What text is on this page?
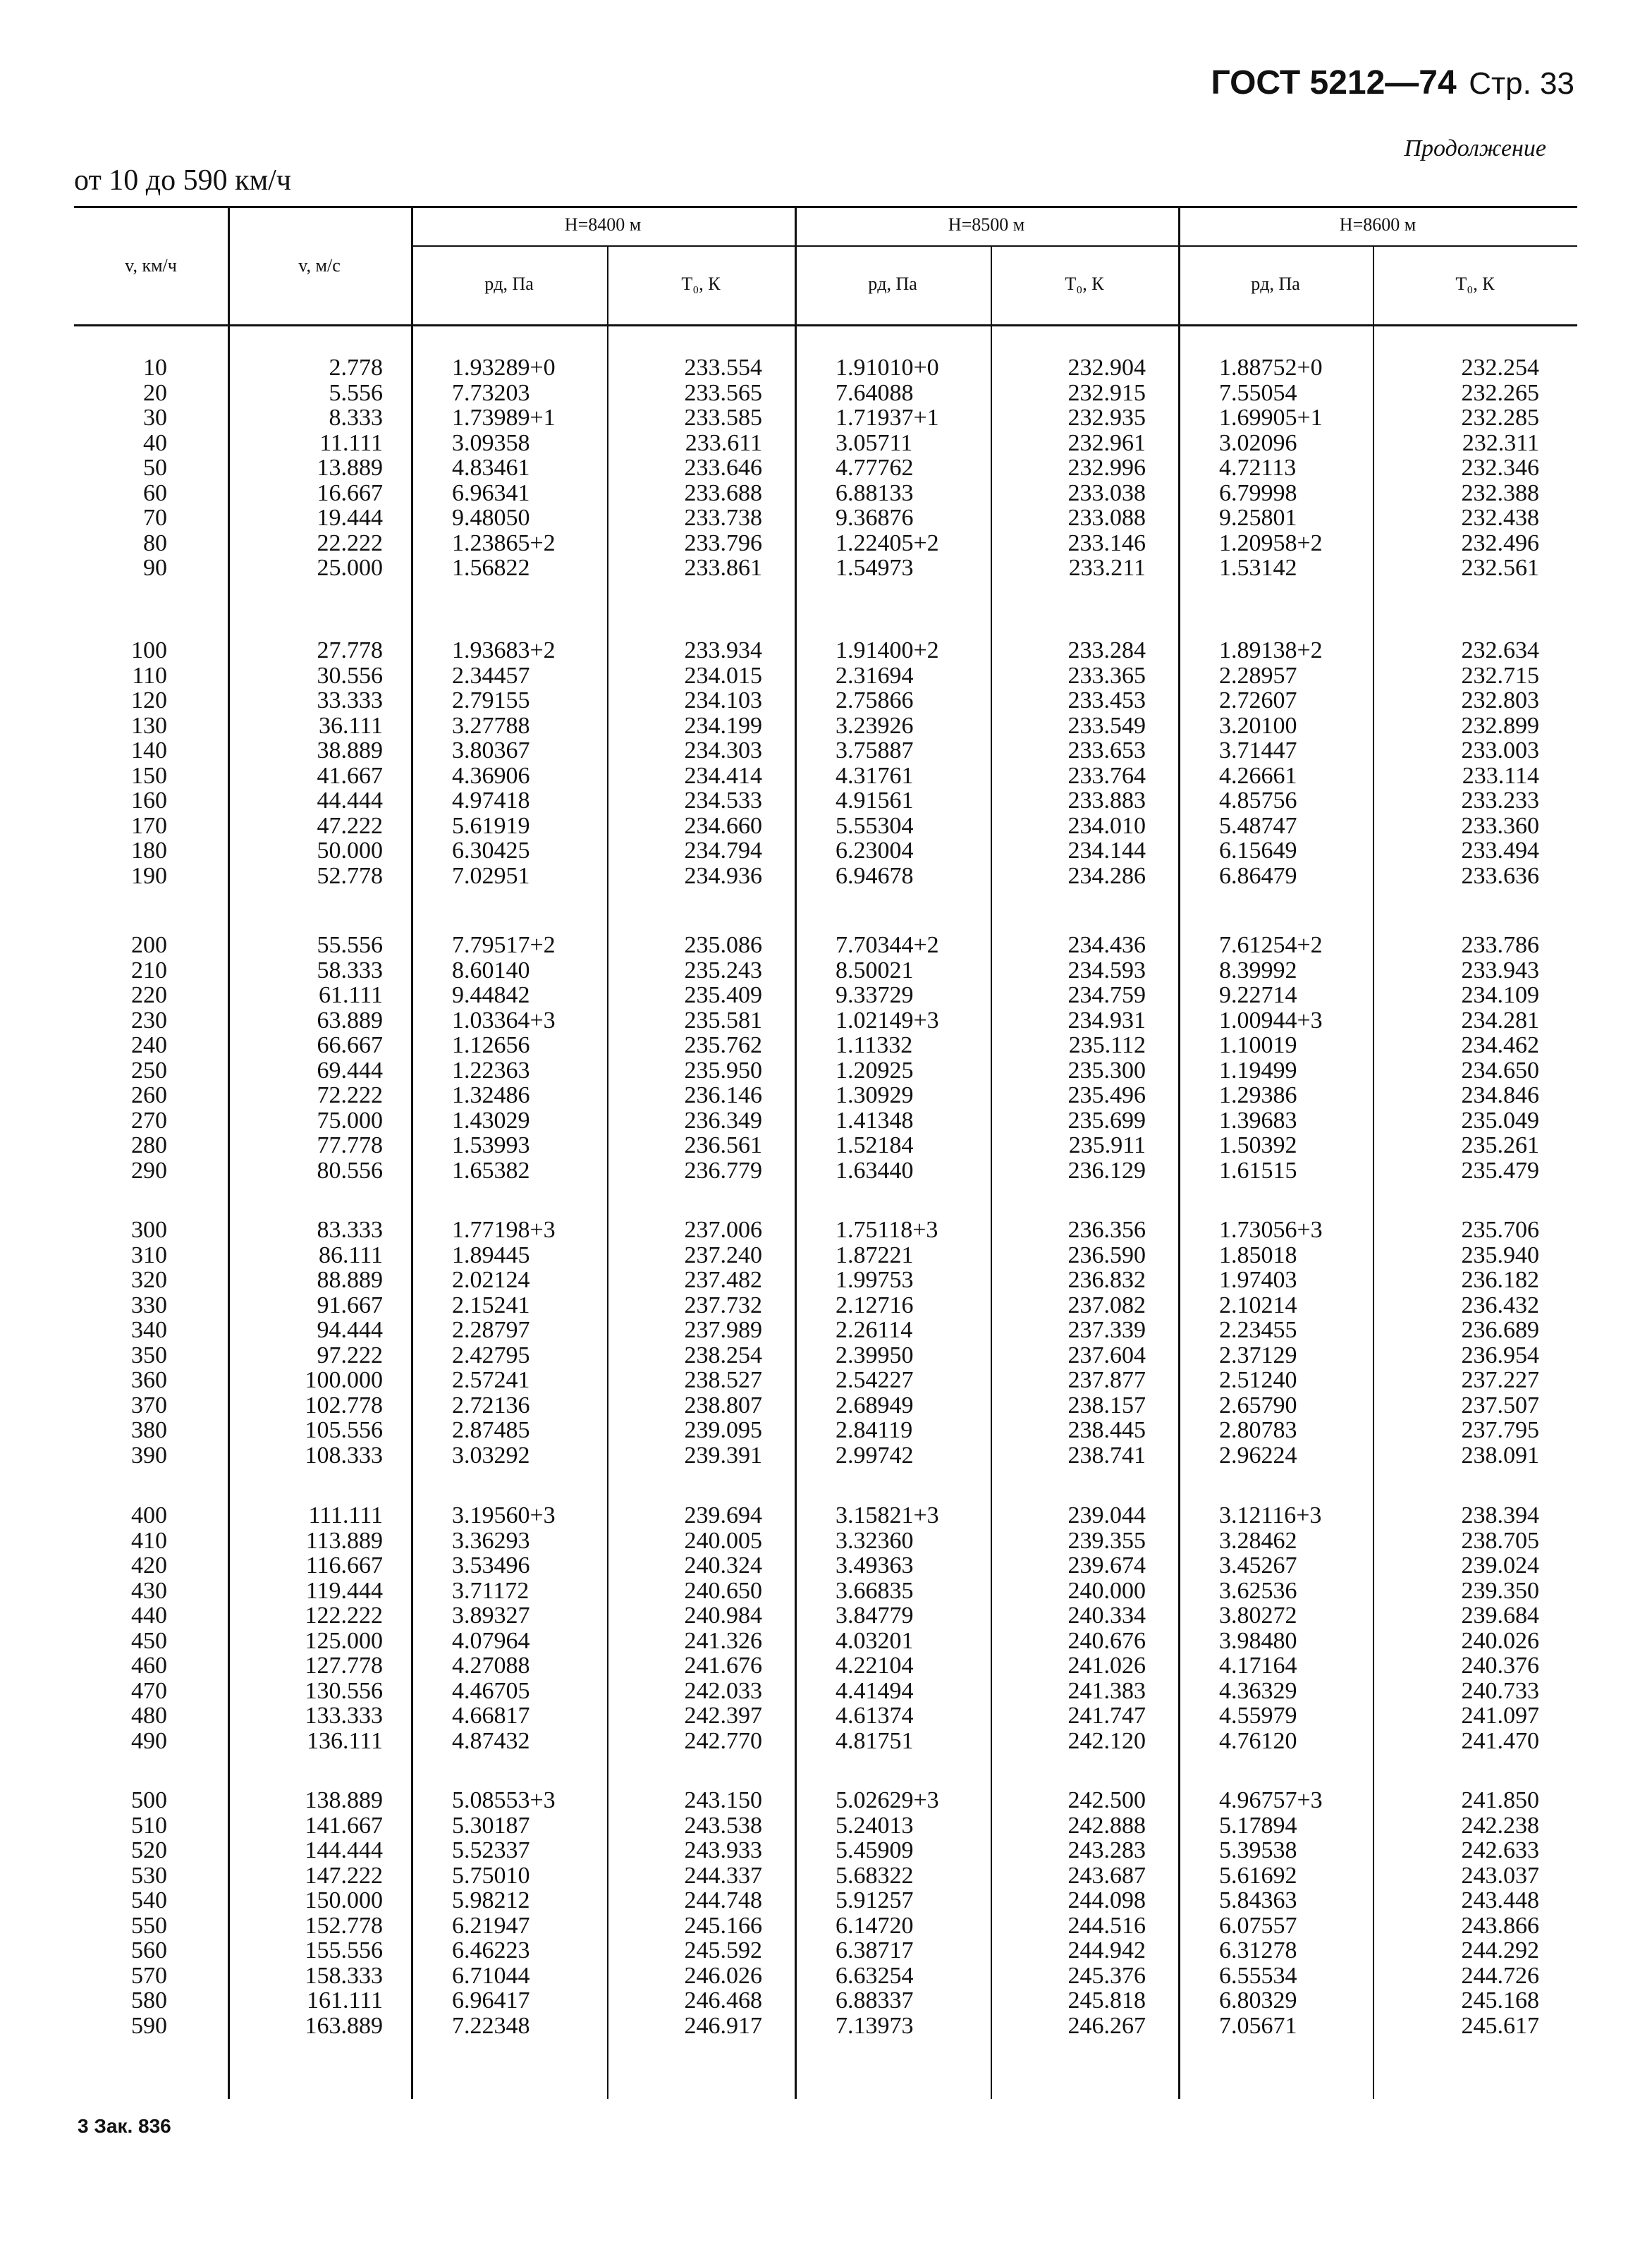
ГОСТ 5212—74 Стр. 33
Продолжение
от 10 до 590 км/ч
H=8400 м	H=8500 м	H=8600 м
v, км/ч	v, м/с
pд, Па	T₀, К	pд, Па	T₀, К	pд, Па	T₀, К
10	2.778	1.93289+0	233.554	1.91010+0	232.904	1.88752+0	232.254
20	5.556	7.73203	233.565	7.64088	232.915	7.55054	232.265
30	8.333	1.73989+1	233.585	1.71937+1	232.935	1.69905+1	232.285
40	11.111	3.09358	233.611	3.05711	232.961	3.02096	232.311
50	13.889	4.83461	233.646	4.77762	232.996	4.72113	232.346
60	16.667	6.96341	233.688	6.88133	233.038	6.79998	232.388
70	19.444	9.48050	233.738	9.36876	233.088	9.25801	232.438
80	22.222	1.23865+2	233.796	1.22405+2	233.146	1.20958+2	232.496
90	25.000	1.56822	233.861	1.54973	233.211	1.53142	232.561
100	27.778	1.93683+2	233.934	1.91400+2	233.284	1.89138+2	232.634
110	30.556	2.34457	234.015	2.31694	233.365	2.28957	232.715
120	33.333	2.79155	234.103	2.75866	233.453	2.72607	232.803
130	36.111	3.27788	234.199	3.23926	233.549	3.20100	232.899
140	38.889	3.80367	234.303	3.75887	233.653	3.71447	233.003
150	41.667	4.36906	234.414	4.31761	233.764	4.26661	233.114
160	44.444	4.97418	234.533	4.91561	233.883	4.85756	233.233
170	47.222	5.61919	234.660	5.55304	234.010	5.48747	233.360
180	50.000	6.30425	234.794	6.23004	234.144	6.15649	233.494
190	52.778	7.02951	234.936	6.94678	234.286	6.86479	233.636
200	55.556	7.79517+2	235.086	7.70344+2	234.436	7.61254+2	233.786
210	58.333	8.60140	235.243	8.50021	234.593	8.39992	233.943
220	61.111	9.44842	235.409	9.33729	234.759	9.22714	234.109
230	63.889	1.03364+3	235.581	1.02149+3	234.931	1.00944+3	234.281
240	66.667	1.12656	235.762	1.11332	235.112	1.10019	234.462
250	69.444	1.22363	235.950	1.20925	235.300	1.19499	234.650
260	72.222	1.32486	236.146	1.30929	235.496	1.29386	234.846
270	75.000	1.43029	236.349	1.41348	235.699	1.39683	235.049
280	77.778	1.53993	236.561	1.52184	235.911	1.50392	235.261
290	80.556	1.65382	236.779	1.63440	236.129	1.61515	235.479
300	83.333	1.77198+3	237.006	1.75118+3	236.356	1.73056+3	235.706
310	86.111	1.89445	237.240	1.87221	236.590	1.85018	235.940
320	88.889	2.02124	237.482	1.99753	236.832	1.97403	236.182
330	91.667	2.15241	237.732	2.12716	237.082	2.10214	236.432
340	94.444	2.28797	237.989	2.26114	237.339	2.23455	236.689
350	97.222	2.42795	238.254	2.39950	237.604	2.37129	236.954
360	100.000	2.57241	238.527	2.54227	237.877	2.51240	237.227
370	102.778	2.72136	238.807	2.68949	238.157	2.65790	237.507
380	105.556	2.87485	239.095	2.84119	238.445	2.80783	237.795
390	108.333	3.03292	239.391	2.99742	238.741	2.96224	238.091
400	111.111	3.19560+3	239.694	3.15821+3	239.044	3.12116+3	238.394
410	113.889	3.36293	240.005	3.32360	239.355	3.28462	238.705
420	116.667	3.53496	240.324	3.49363	239.674	3.45267	239.024
430	119.444	3.71172	240.650	3.66835	240.000	3.62536	239.350
440	122.222	3.89327	240.984	3.84779	240.334	3.80272	239.684
450	125.000	4.07964	241.326	4.03201	240.676	3.98480	240.026
460	127.778	4.27088	241.676	4.22104	241.026	4.17164	240.376
470	130.556	4.46705	242.033	4.41494	241.383	4.36329	240.733
480	133.333	4.66817	242.397	4.61374	241.747	4.55979	241.097
490	136.111	4.87432	242.770	4.81751	242.120	4.76120	241.470
500	138.889	5.08553+3	243.150	5.02629+3	242.500	4.96757+3	241.850
510	141.667	5.30187	243.538	5.24013	242.888	5.17894	242.238
520	144.444	5.52337	243.933	5.45909	243.283	5.39538	242.633
530	147.222	5.75010	244.337	5.68322	243.687	5.61692	243.037
540	150.000	5.98212	244.748	5.91257	244.098	5.84363	243.448
550	152.778	6.21947	245.166	6.14720	244.516	6.07557	243.866
560	155.556	6.46223	245.592	6.38717	244.942	6.31278	244.292
570	158.333	6.71044	246.026	6.63254	245.376	6.55534	244.726
580	161.111	6.96417	246.468	6.88337	245.818	6.80329	245.168
590	163.889	7.22348	246.917	7.13973	246.267	7.05671	245.617
3 Зак. 836
